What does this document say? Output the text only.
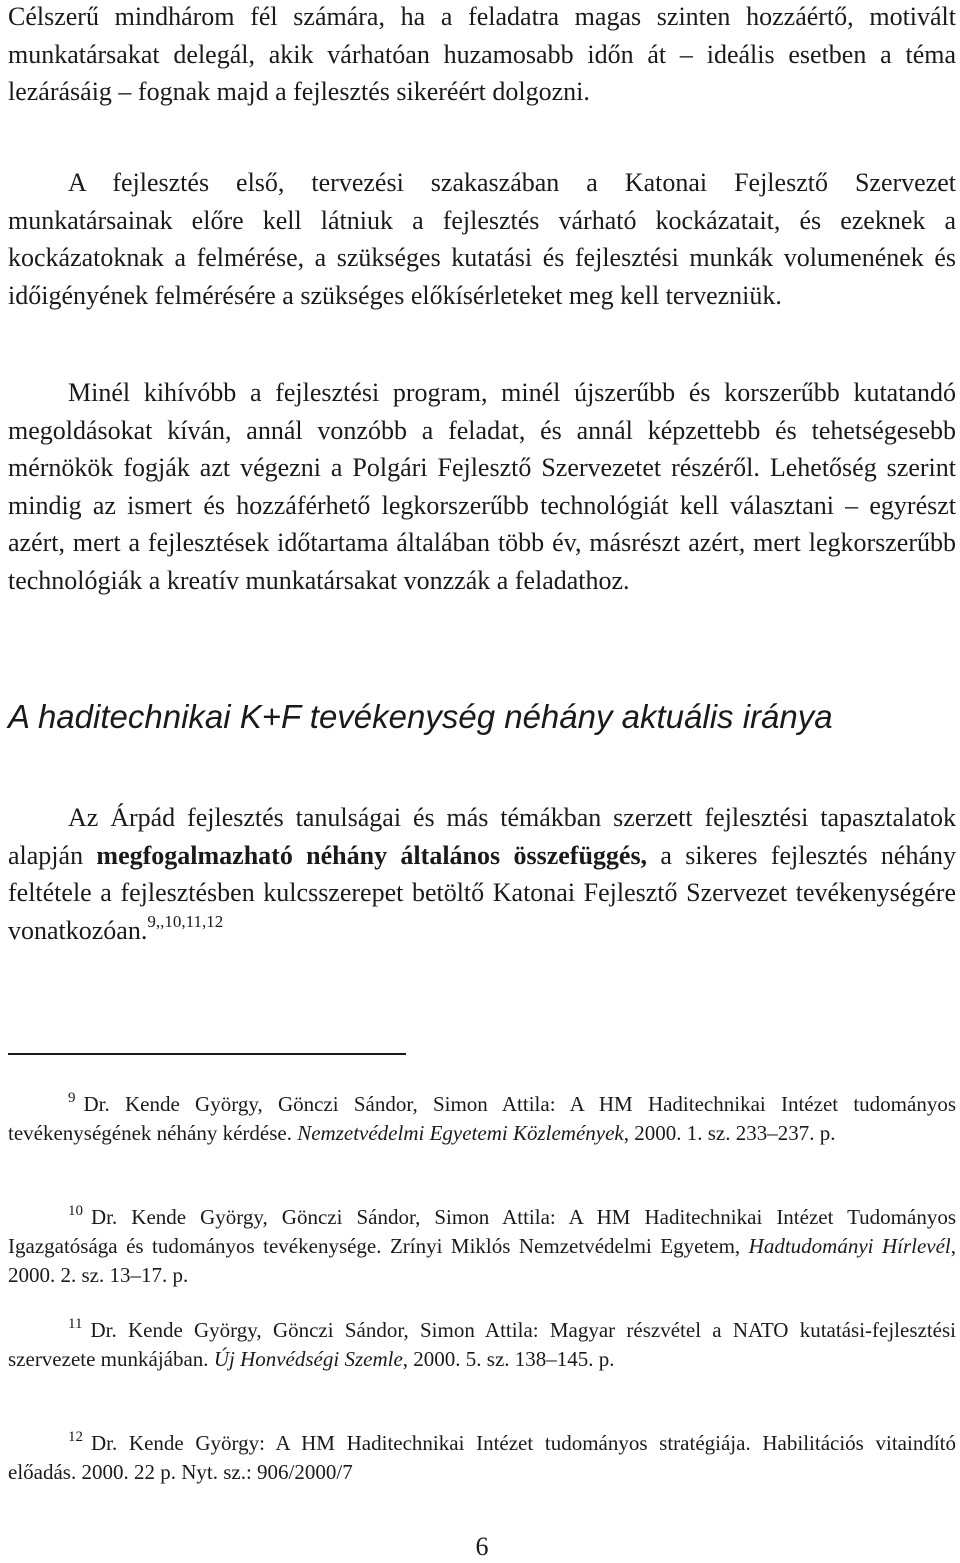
Célszerű mindhárom fél számára, ha a feladatra magas szinten hozzáértő, motivált munkatársakat delegál, akik várhatóan huzamosabb időn át – ideális esetben a téma lezárásáig – fognak majd a fejlesztés sikeréért dolgozni.

A fejlesztés első, tervezési szakaszában a Katonai Fejlesztő Szervezet munkatársainak előre kell látniuk a fejlesztés várható kockázatait, és ezeknek a kockázatoknak a felmérése, a szükséges kutatási és fejlesztési munkák volumenének és időigényének felmérésére a szükséges előkísérleteket meg kell tervezniük.

Minél kihívóbb a fejlesztési program, minél újszerűbb és korszerűbb kutatandó megoldásokat kíván, annál vonzóbb a feladat, és annál képzettebb és tehetségesebb mérnökök fogják azt végezni a Polgári Fejlesztő Szervezetet részéről. Lehetőség szerint mindig az ismert és hozzáférhető legkorszerűbb technológiát kell választani – egyrészt azért, mert a fejlesztések időtartama általában több év, másrészt azért, mert legkorszerűbb technológiák a kreatív munkatársakat vonzzák a feladathoz.

A haditechnikai K+F tevékenység néhány aktuális iránya

Az Árpád fejlesztés tanulságai és más témákban szerzett fejlesztési tapasztalatok alapján megfogalmazható néhány általános összefüggés, a sikeres fejlesztés néhány feltétele a fejlesztésben kulcsszerepet betöltő Katonai Fejlesztő Szervezet tevékenységére vonatkozóan.$^{9,,10,11,12}$

9 Dr. Kende György, Gönczi Sándor, Simon Attila: A HM Haditechnikai Intézet tudományos tevékenységének néhány kérdése. Nemzetvédelmi Egyetemi Közlemények, 2000. 1. sz. 233–237. p.

10 Dr. Kende György, Gönczi Sándor, Simon Attila: A HM Haditechnikai Intézet Tudományos Igazgatósága és tudományos tevékenysége. Zrínyi Miklós Nemzetvédelmi Egyetem, Hadtudományi Hírlevél, 2000. 2. sz. 13–17. p.

11 Dr. Kende György, Gönczi Sándor, Simon Attila: Magyar részvétel a NATO kutatási-fejlesztési szervezete munkájában. Új Honvédségi Szemle, 2000. 5. sz. 138–145. p.

12 Dr. Kende György: A HM Haditechnikai Intézet tudományos stratégiája. Habilitációs vitaindító előadás. 2000. 22 p. Nyt. sz.: 906/2000/7

6
